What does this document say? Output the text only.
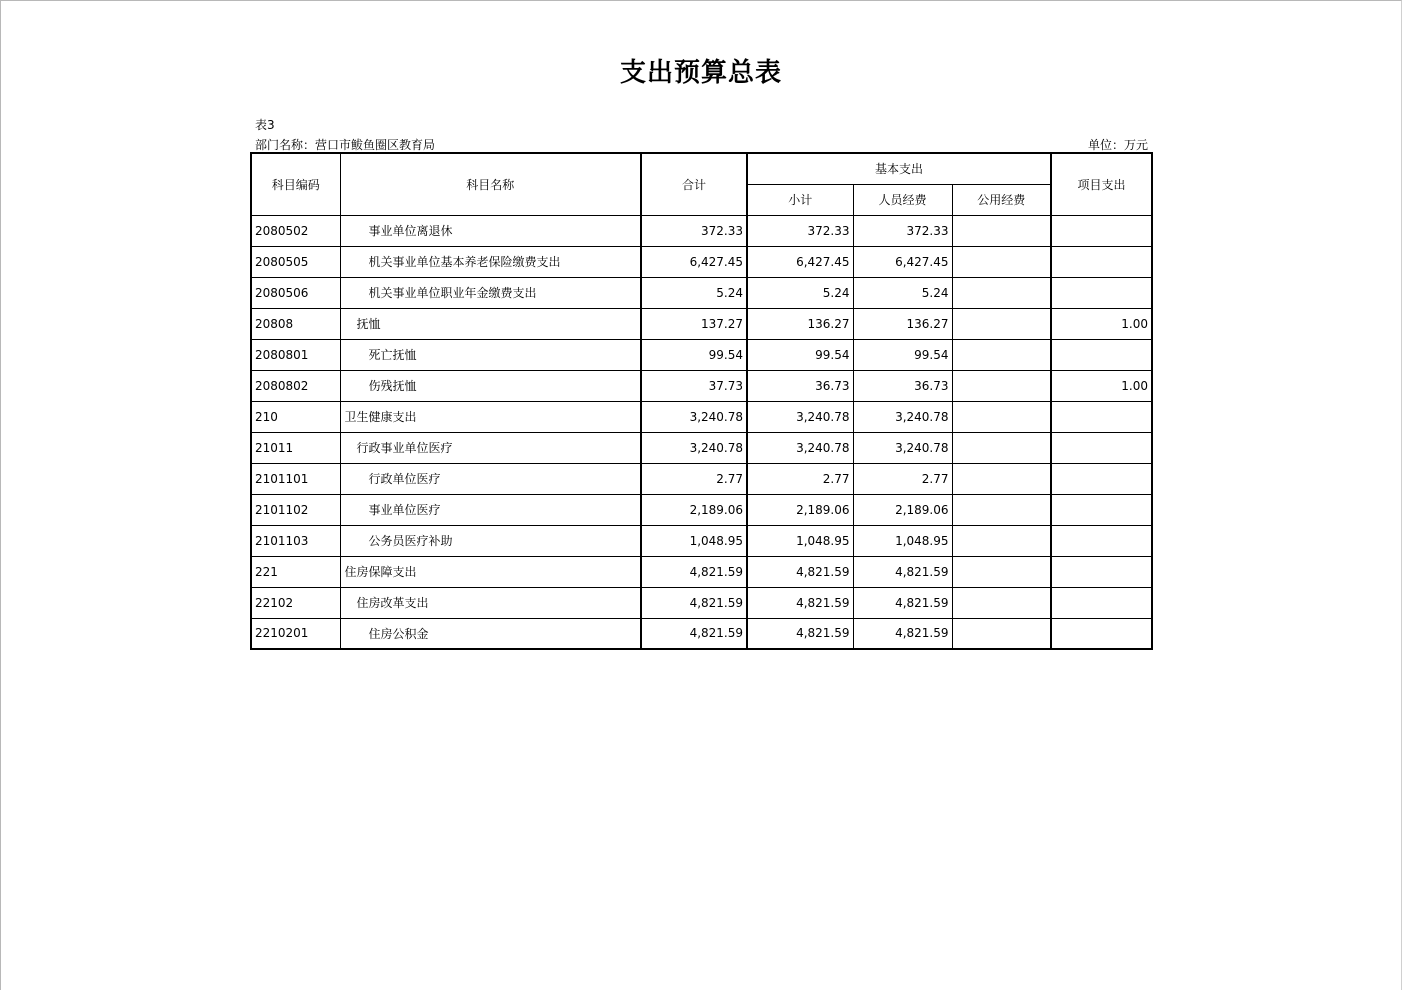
支出预算总表
表3
部门名称：营口市鲅鱼圈区教育局	单位：万元
科目编码	科目名称	合计	基本支出			项目支出
			小计	人员经费	公用经费	
2080502	事业单位离退休	372.33	372.33	372.33		
2080505	机关事业单位基本养老保险缴费支出	6,427.45	6,427.45	6,427.45		
2080506	机关事业单位职业年金缴费支出	5.24	5.24	5.24		
20808	抚恤	137.27	136.27	136.27		1.00
2080801	死亡抚恤	99.54	99.54	99.54		
2080802	伤残抚恤	37.73	36.73	36.73		1.00
210	卫生健康支出	3,240.78	3,240.78	3,240.78		
21011	行政事业单位医疗	3,240.78	3,240.78	3,240.78		
2101101	行政单位医疗	2.77	2.77	2.77		
2101102	事业单位医疗	2,189.06	2,189.06	2,189.06		
2101103	公务员医疗补助	1,048.95	1,048.95	1,048.95		
221	住房保障支出	4,821.59	4,821.59	4,821.59		
22102	住房改革支出	4,821.59	4,821.59	4,821.59		
2210201	住房公积金	4,821.59	4,821.59	4,821.59		
